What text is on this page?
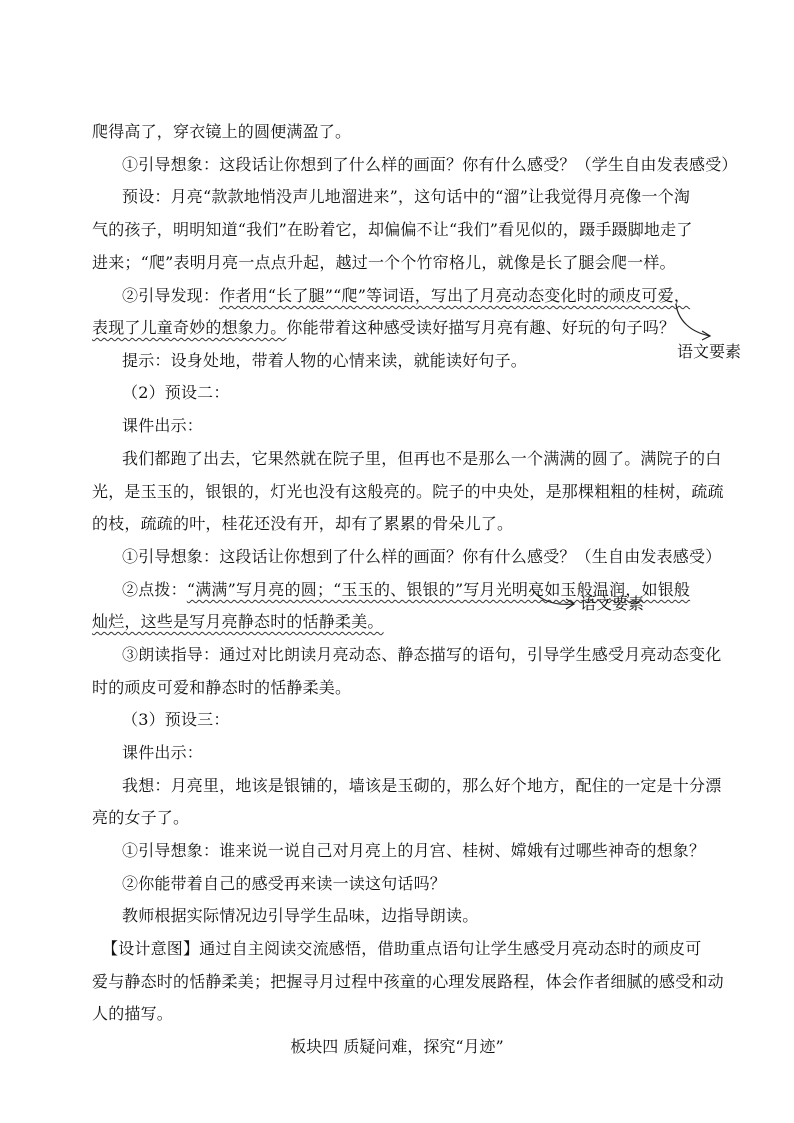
爬得高了，穿衣镜上的圆便满盈了。
①引导想象：这段话让你想到了什么样的画面？你有什么感受？（学生自由发表感受）
预设：月亮“款款地悄没声儿地溜进来”，这句话中的“溜”让我觉得月亮像一个淘
气的孩子，明明知道“我们”在盼着它，却偏偏不让“我们”看见似的，蹑手蹑脚地走了
进来；“爬”表明月亮一点点升起，越过一个个竹帘格儿，就像是长了腿会爬一样。
②引导发现：作者用“长了腿”“爬”等词语，写出了月亮动态变化时的顽皮可爱，
表现了儿童奇妙的想象力。你能带着这种感受读好描写月亮有趣、好玩的句子吗？
语文要素
提示：设身处地，带着人物的心情来读，就能读好句子。
（2）预设二：
课件出示：
我们都跑了出去，它果然就在院子里，但再也不是那么一个满满的圆了。满院子的白
光，是玉玉的，银银的，灯光也没有这般亮的。院子的中央处，是那棵粗粗的桂树，疏疏
的枝，疏疏的叶，桂花还没有开，却有了累累的骨朵儿了。
①引导想象：这段话让你想到了什么样的画面？你有什么感受？（生自由发表感受）
②点拨：“满满”写月亮的圆；“玉玉的、银银的”写月光明亮如玉般温润，如银般
灿烂，这些是写月亮静态时的恬静柔美。
语文要素
③朗读指导：通过对比朗读月亮动态、静态描写的语句，引导学生感受月亮动态变化
时的顽皮可爱和静态时的恬静柔美。
（3）预设三：
课件出示：
我想：月亮里，地该是银铺的，墙该是玉砌的，那么好个地方，配住的一定是十分漂
亮的女子了。
①引导想象：谁来说一说自己对月亮上的月宫、桂树、嫦娥有过哪些神奇的想象？
②你能带着自己的感受再来读一读这句话吗？
教师根据实际情况边引导学生品味，边指导朗读。
【设计意图】通过自主阅读交流感悟，借助重点语句让学生感受月亮动态时的顽皮可
爱与静态时的恬静柔美；把握寻月过程中孩童的心理发展路程，体会作者细腻的感受和动
人的描写。
板块四 质疑问难，探究“月迹”
